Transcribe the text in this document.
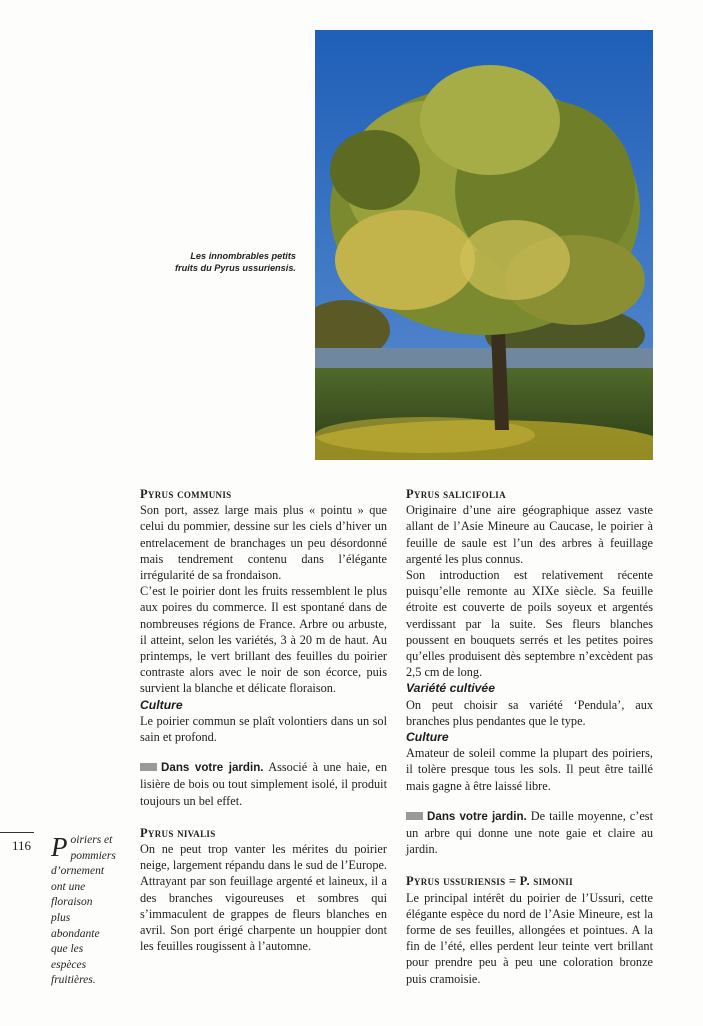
Les innombrables petits
fruits du Pyrus ussuriensis.

Pyrus communis

Son port, assez large mais plus « pointu » que celui du pommier, dessine sur les ciels d’hiver un entrelacement de branchages un peu désordonné mais tendrement contenu dans l’élégante irrégularité de sa frondaison.

C’est le poirier dont les fruits ressemblent le plus aux poires du commerce. Il est spontané dans de nombreuses régions de France. Arbre ou arbuste, il atteint, selon les variétés, 3 à 20 m de haut. Au printemps, le vert brillant des feuilles du poirier contraste alors avec le noir de son écorce, puis survient la blanche et délicate floraison.

Culture

Le poirier commun se plaît volontiers dans un sol sain et profond.

Dans votre jardin. Associé à une haie, en lisière de bois ou tout simplement isolé, il produit toujours un bel effet.

Pyrus nivalis

On ne peut trop vanter les mérites du poirier neige, largement répandu dans le sud de l’Europe. Attrayant par son feuillage argenté et laineux, il a des branches vigoureuses et sombres qui s’immaculent de grappes de fleurs blanches en avril. Son port érigé charpente un houppier dont les feuilles rougissent à l’automne.

Pyrus salicifolia

Originaire d’une aire géographique assez vaste allant de l’Asie Mineure au Caucase, le poirier à feuille de saule est l’un des arbres à feuillage argenté les plus connus.

Son introduction est relativement récente puisqu’elle remonte au XIXe siècle. Sa feuille étroite est couverte de poils soyeux et argentés verdissant par la suite. Ses fleurs blanches poussent en bouquets serrés et les petites poires qu’elles produisent dès septembre n’excèdent pas 2,5 cm de long.

Variété cultivée

On peut choisir sa variété ‘Pendula’, aux branches plus pendantes que le type.

Culture

Amateur de soleil comme la plupart des poiriers, il tolère presque tous les sols. Il peut être taillé mais gagne à être laissé libre.

Dans votre jardin. De taille moyenne, c’est un arbre qui donne une note gaie et claire au jardin.

Pyrus ussuriensis = P. simonii

Le principal intérêt du poirier de l’Ussuri, cette élégante espèce du nord de l’Asie Mineure, est la forme de ses feuilles, allongées et pointues. A la fin de l’été, elles perdent leur teinte vert brillant pour prendre peu à peu une coloration bronze puis cramoisie.

116 Poiriers et
pommiers
d’ornement
ont une
floraison
plus
abondante
que les
espèces
fruitières.
